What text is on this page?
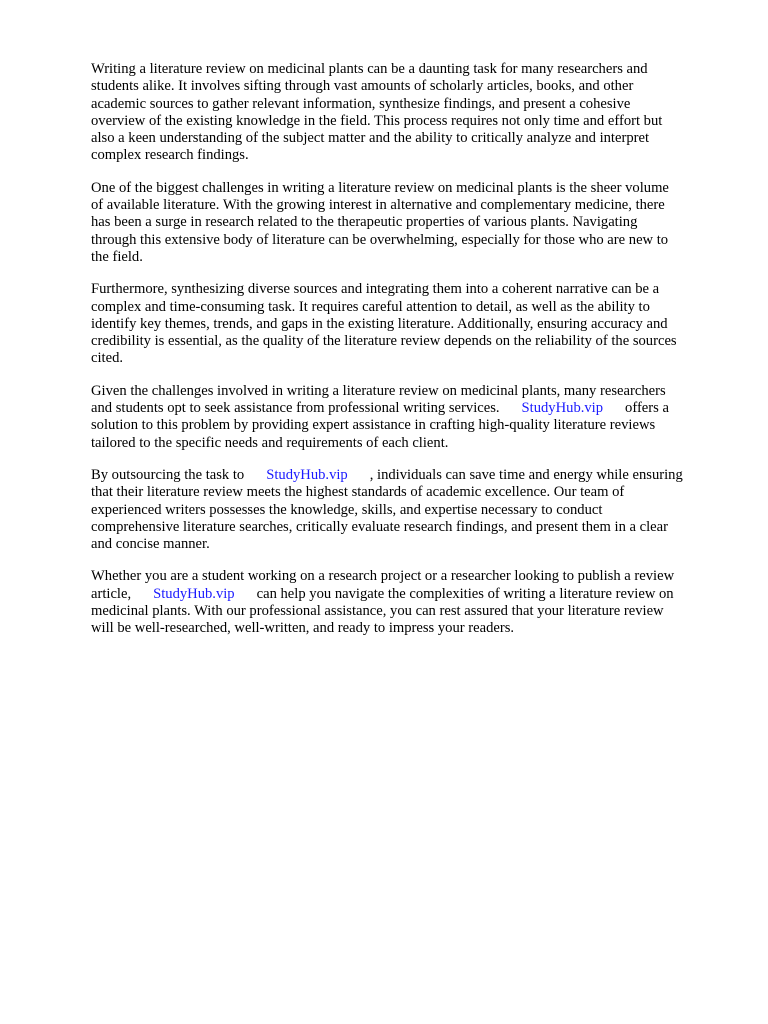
Writing a literature review on medicinal plants can be a daunting task for many researchers and
students alike. It involves sifting through vast amounts of scholarly articles, books, and other
academic sources to gather relevant information, synthesize findings, and present a cohesive
overview of the existing knowledge in the field. This process requires not only time and effort but
also a keen understanding of the subject matter and the ability to critically analyze and interpret
complex research findings.

One of the biggest challenges in writing a literature review on medicinal plants is the sheer volume
of available literature. With the growing interest in alternative and complementary medicine, there
has been a surge in research related to the therapeutic properties of various plants. Navigating
through this extensive body of literature can be overwhelming, especially for those who are new to
the field.

Furthermore, synthesizing diverse sources and integrating them into a coherent narrative can be a
complex and time-consuming task. It requires careful attention to detail, as well as the ability to
identify key themes, trends, and gaps in the existing literature. Additionally, ensuring accuracy and
credibility is essential, as the quality of the literature review depends on the reliability of the sources
cited.

Given the challenges involved in writing a literature review on medicinal plants, many researchers
and students opt to seek assistance from professional writing services. StudyHub.vip offers a
solution to this problem by providing expert assistance in crafting high-quality literature reviews
tailored to the specific needs and requirements of each client.

By outsourcing the task to StudyHub.vip , individuals can save time and energy while ensuring
that their literature review meets the highest standards of academic excellence. Our team of
experienced writers possesses the knowledge, skills, and expertise necessary to conduct
comprehensive literature searches, critically evaluate research findings, and present them in a clear
and concise manner.

Whether you are a student working on a research project or a researcher looking to publish a review
article, StudyHub.vip can help you navigate the complexities of writing a literature review on
medicinal plants. With our professional assistance, you can rest assured that your literature review
will be well-researched, well-written, and ready to impress your readers.
